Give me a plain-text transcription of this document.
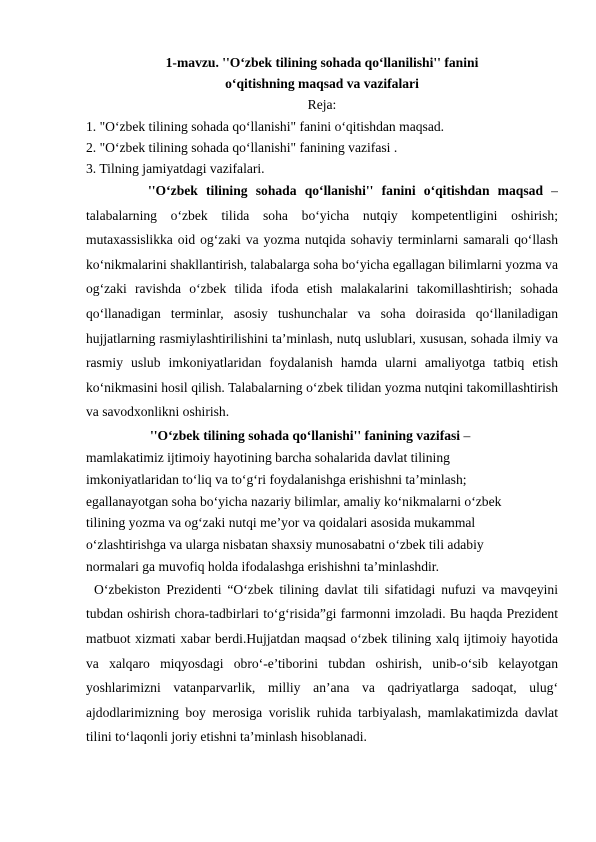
1-mavzu. ''O‘zbek tilining sohada qo‘llanilishi'' fanini
o‘qitishning maqsad va vazifalari

Reja:

1. "O‘zbek tilining sohada qo‘llanishi" fanini o‘qitishdan maqsad.
2. "O‘zbek tilining sohada qo‘llanishi" fanining vazifasi .
3. Tilning jamiyatdagi vazifalari.

''O‘zbek tilining sohada qo‘llanishi'' fanini o‘qitishdan maqsad – talabalarning o‘zbek tilida soha bo‘yicha nutqiy kompetentligini oshirish; mutaxassislikka oid og‘zaki va yozma nutqida sohaviy terminlarni samarali qo‘llash ko‘nikmalarini shakllantirish, talabalarga soha bo‘yicha egallagan bilimlarni yozma va og‘zaki ravishda o‘zbek tilida ifoda etish malakalarini takomillashtirish; sohada qo‘llanadigan terminlar, asosiy tushunchalar va soha doirasida qo‘llaniladigan hujjatlarning rasmiylashtirilishini ta’minlash, nutq uslublari, xususan, sohada ilmiy va rasmiy uslub imkoniyatlaridan foydalanish hamda ularni amaliyotga tatbiq etish ko‘nikmasini hosil qilish. Talabalarning o‘zbek tilidan yozma nutqini takomillashtirish va savodxonlikni oshirish.

''O‘zbek tilining sohada qo‘llanishi'' fanining vazifasi –

mamlakatimiz ijtimoiy hayotining barcha sohalarida davlat tilining
imkoniyatlaridan to‘liq va to‘g‘ri foydalanishga erishishni ta’minlash;
egallanayotgan soha bo‘yicha nazariy bilimlar, amaliy ko‘nikmalarni o‘zbek
tilining yozma va og‘zaki nutqi me’yor va qoidalari asosida mukammal
o‘zlashtirishga va ularga nisbatan shaxsiy munosabatni o‘zbek tili adabiy
normalari ga muvofiq holda ifodalashga erishishni ta’minlashdir.

O‘zbekiston Prezidenti “O‘zbek tilining davlat tili sifatidagi nufuzi va mavqeyini tubdan oshirish chora-tadbirlari to‘g‘risida”gi farmonni imzoladi. Bu haqda Prezident matbuot xizmati xabar berdi.Hujjatdan maqsad o‘zbek tilining xalq ijtimoiy hayotida va xalqaro miqyosdagi obro‘-e’tiborini tubdan oshirish, unib-o‘sib kelayotgan yoshlarimizni vatanparvarlik, milliy an’ana va qadriyatlarga sadoqat, ulug‘ ajdodlarimizning boy merosiga vorislik ruhida tarbiyalash, mamlakatimizda davlat tilini to‘laqonli joriy etishni ta’minlash hisoblanadi.
